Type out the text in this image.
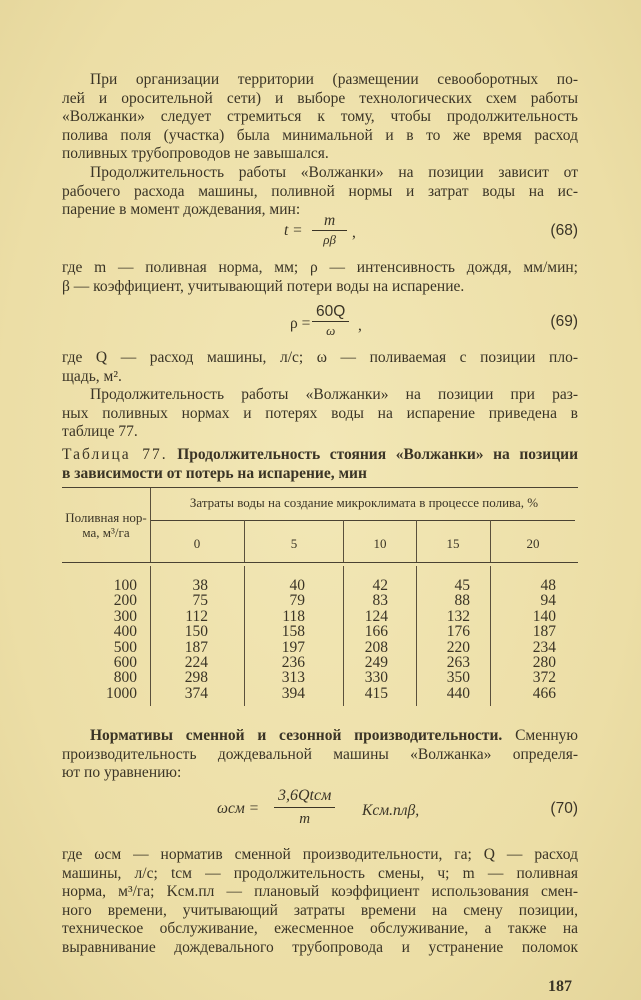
При организации территории (размещении севооборотных по-
лей и оросительной сети) и выборе технологических схем работы
«Волжанки» следует стремиться к тому, чтобы продолжительность
полива поля (участка) была минимальной и в то же время расход
поливных трубопроводов не завышался.
Продолжительность работы «Волжанки» на позиции зависит от
рабочего расхода машины, поливной нормы и затрат воды на ис-
парение в момент дождевания, мин:
t =
m
ρβ	,	(68)
где m — поливная норма, мм; ρ — интенсивность дождя, мм/мин;
β — коэффициент, учитывающий потери воды на испарение.
ρ =
60Q
ω	,	(69)
где Q — расход машины, л/с; ω — поливаемая с позиции пло-
щадь, м².
Продолжительность работы «Волжанки» на позиции при раз-
ных поливных нормах и потерях воды на испарение приведена в
таблице 77.
Таблица 77. Продолжительность стояния «Волжанки» на позиции
в зависимости от потерь на испарение, мин
Поливная нор-
ма, м³/га
Затраты воды на создание микроклимата в процессе полива, %
0	5	10	15	20
100	38	40	42	45	48
200	75	79	83	88	94
300	112	118	124	132	140
400	150	158	166	176	187
500	187	197	208	220	234
600	224	236	249	263	280
800	298	313	330	350	372
1000	374	394	415	440	466
Нормативы сменной и сезонной производительности. Сменную
производительность дождевальной машины «Волжанка» определя-
ют по уравнению:
ωсм =
3,6Qtсм
m	Kсм.плβ,	(70)
где ωсм — норматив сменной производительности, га; Q — расход
машины, л/с; tсм — продолжительность смены, ч; m — поливная
норма, м³/га; Kсм.пл — плановый коэффициент использования смен-
ного времени, учитывающий затраты времени на смену позиции,
техническое обслуживание, ежесменное обслуживание, а также на
выравнивание дождевального трубопровода и устранение поломок
187
